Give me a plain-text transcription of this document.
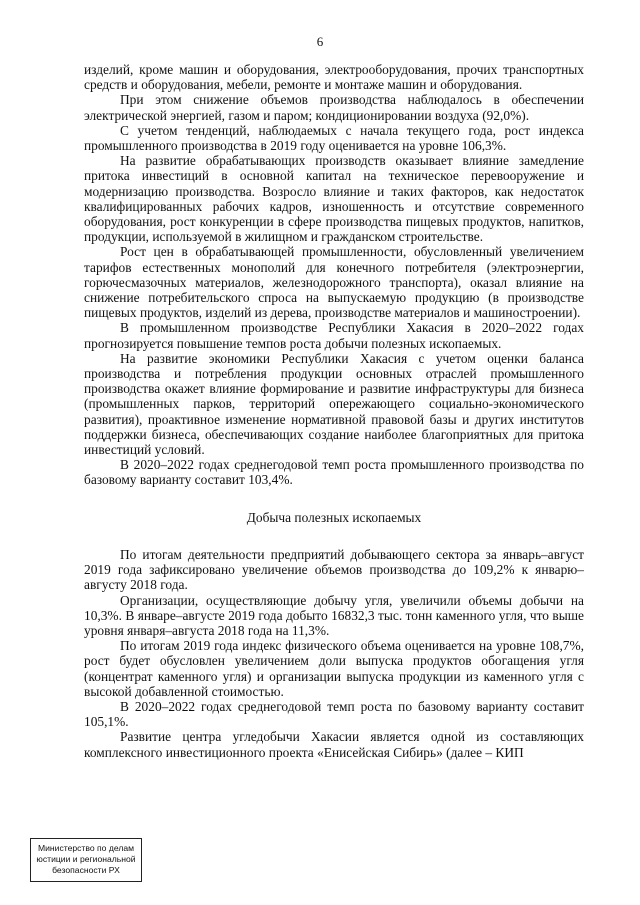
6

изделий, кроме машин и оборудования, электрооборудования, прочих транспортных средств и оборудования, мебели, ремонте и монтаже машин и оборудования.

При этом снижение объемов производства наблюдалось в обеспечении электрической энергией, газом и паром; кондиционировании воздуха (92,0%).

С учетом тенденций, наблюдаемых с начала текущего года, рост индекса промышленного производства в 2019 году оценивается на уровне 106,3%.

На развитие обрабатывающих производств оказывает влияние замедление притока инвестиций в основной капитал на техническое перевооружение и модернизацию производства. Возросло влияние и таких факторов, как недостаток квалифицированных рабочих кадров, изношенность и отсутствие современного оборудования, рост конкуренции в сфере производства пищевых продуктов, напитков, продукции, используемой в жилищном и гражданском строительстве.

Рост цен в обрабатывающей промышленности, обусловленный увеличением тарифов естественных монополий для конечного потребителя (электроэнергии, горючесмазочных материалов, железнодорожного транспорта), оказал влияние на снижение потребительского спроса на выпускаемую продукцию (в производстве пищевых продуктов, изделий из дерева, производстве материалов и машиностроении).

В промышленном производстве Республики Хакасия в 2020–2022 годах прогнозируется повышение темпов роста добычи полезных ископаемых.

На развитие экономики Республики Хакасия с учетом оценки баланса производства и потребления продукции основных отраслей промышленного производства окажет влияние формирование и развитие инфраструктуры для бизнеса (промышленных парков, территорий опережающего социально-экономического развития), проактивное изменение нормативной правовой базы и других институтов поддержки бизнеса, обеспечивающих создание наиболее благоприятных для притока инвестиций условий.

В 2020–2022 годах среднегодовой темп роста промышленного производства по базовому варианту составит 103,4%.

Добыча полезных ископаемых

По итогам деятельности предприятий добывающего сектора за январь–август 2019 года зафиксировано увеличение объемов производства до 109,2% к январю–августу 2018 года.

Организации, осуществляющие добычу угля, увеличили объемы добычи на 10,3%. В январе–августе 2019 года добыто 16832,3 тыс. тонн каменного угля, что выше уровня января–августа 2018 года на 11,3%.

По итогам 2019 года индекс физического объема оценивается на уровне 108,7%, рост будет обусловлен увеличением доли выпуска продуктов обогащения угля (концентрат каменного угля) и организации выпуска продукции из каменного угля с высокой добавленной стоимостью.

В 2020–2022 годах среднегодовой темп роста по базовому варианту составит 105,1%.

Развитие центра угледобычи Хакасии является одной из составляющих комплексного инвестиционного проекта «Енисейская Сибирь» (далее – КИП

Министерство по делам
юстиции и региональной
безопасности РХ
